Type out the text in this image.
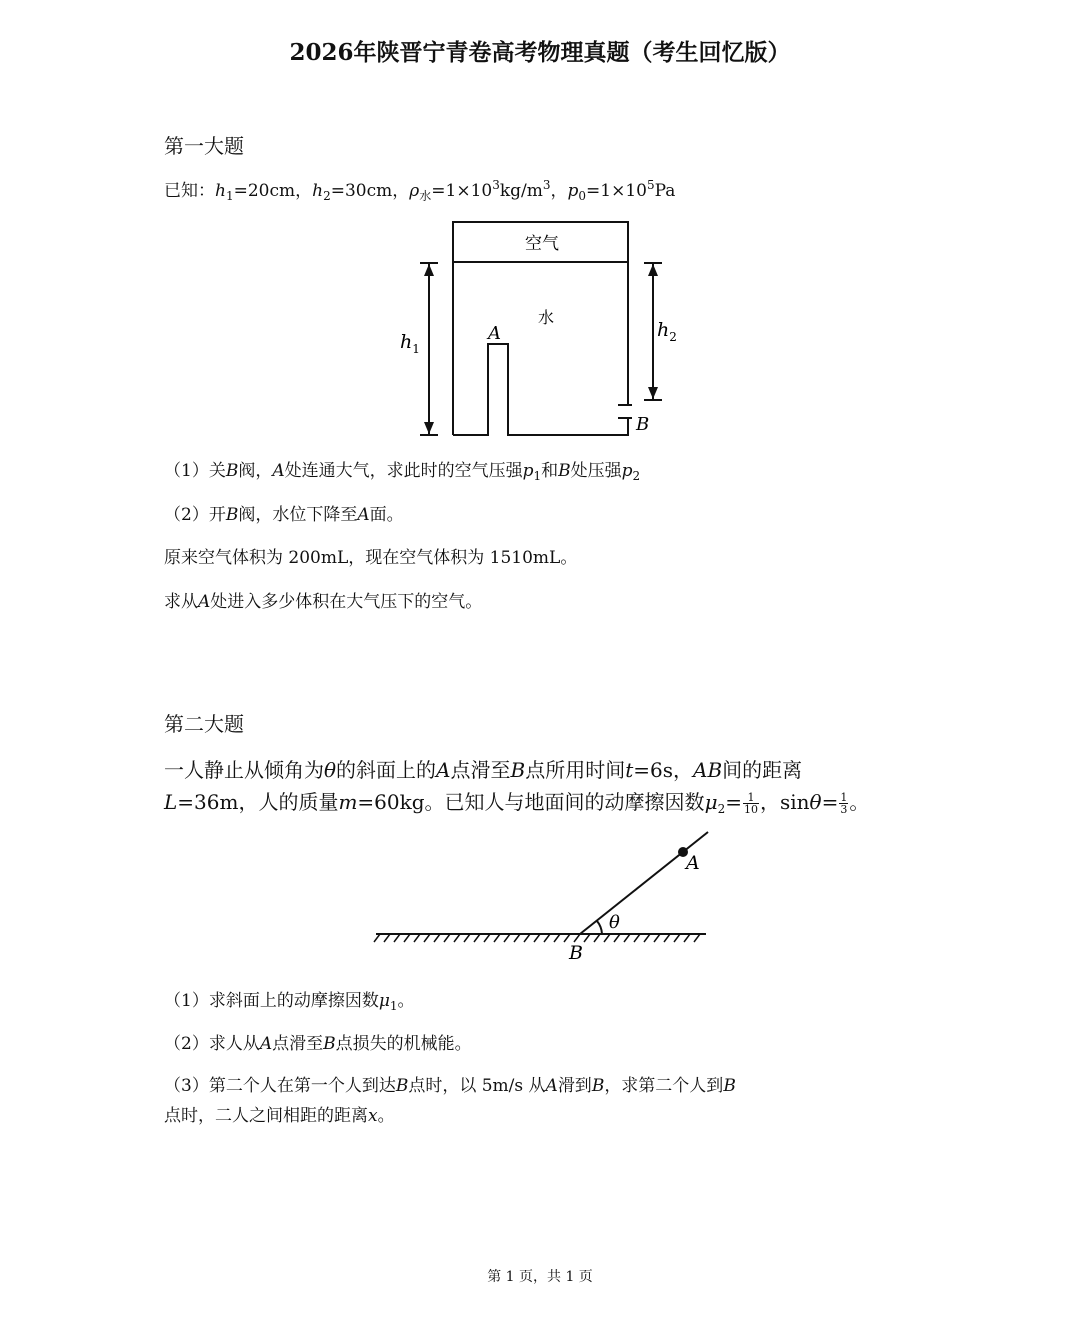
2026年陕晋宁青卷高考物理真题（考生回忆版）
第一大题
已知：$h_1=20cm$，$h_2=30cm$，$\rho_水=1\times 10^3kg/m^3$，$p_0=1\times 10^5Pa$
空气
水
A
B
$h_1$
$h_2$
（1）关B阀，A处连通大气，求此时的空气压强$p_1$和B处压强$p_2$
（2）开B阀，水位下降至A面。
原来空气体积为 200mL，现在空气体积为 1510mL。
求从A处进入多少体积在大气压下的空气。
第二大题
一人静止从倾角为θ的斜面上的A点滑至B点所用时间t=6s，AB间的距离
L=36m，人的质量m=60kg。已知人与地面间的动摩擦因数$\mu_2= \frac{1}{10}$ ，$\sin\theta= \frac{1}{3}$ 。
A
B
θ
（1）求斜面上的动摩擦因数$\mu_1$。
（2）求人从A点滑至B点损失的机械能。
（3）第二个人在第一个人到达B点时，以 5m/s 从A滑到B，求第二个人到B
点时，二人之间相距的距离x。
第 1 页，共 1 页
